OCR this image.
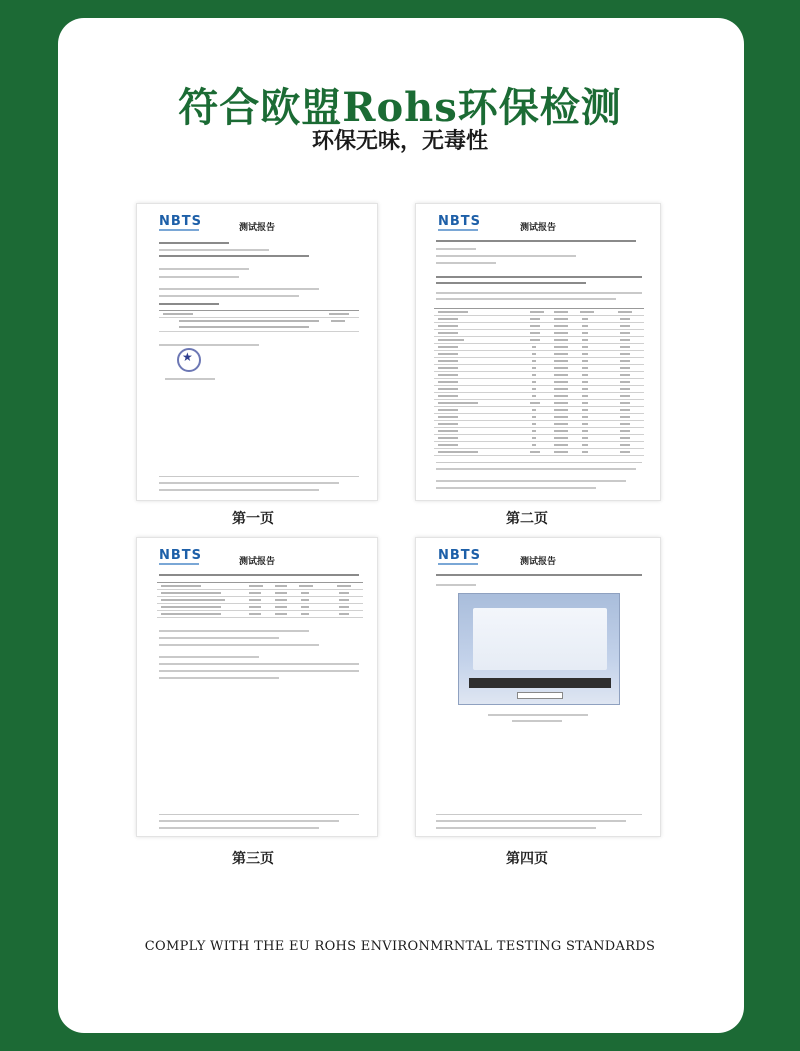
符合欧盟Rohs环保检测
环保无味，无毒性
NBTS	测试报告
★
NBTS	测试报告
NBTS	测试报告	NBTS	测试报告
第一页	第二页
第三页	第四页
COMPLY WITH THE EU ROHS ENVIRONMRNTAL TESTING STANDARDS
